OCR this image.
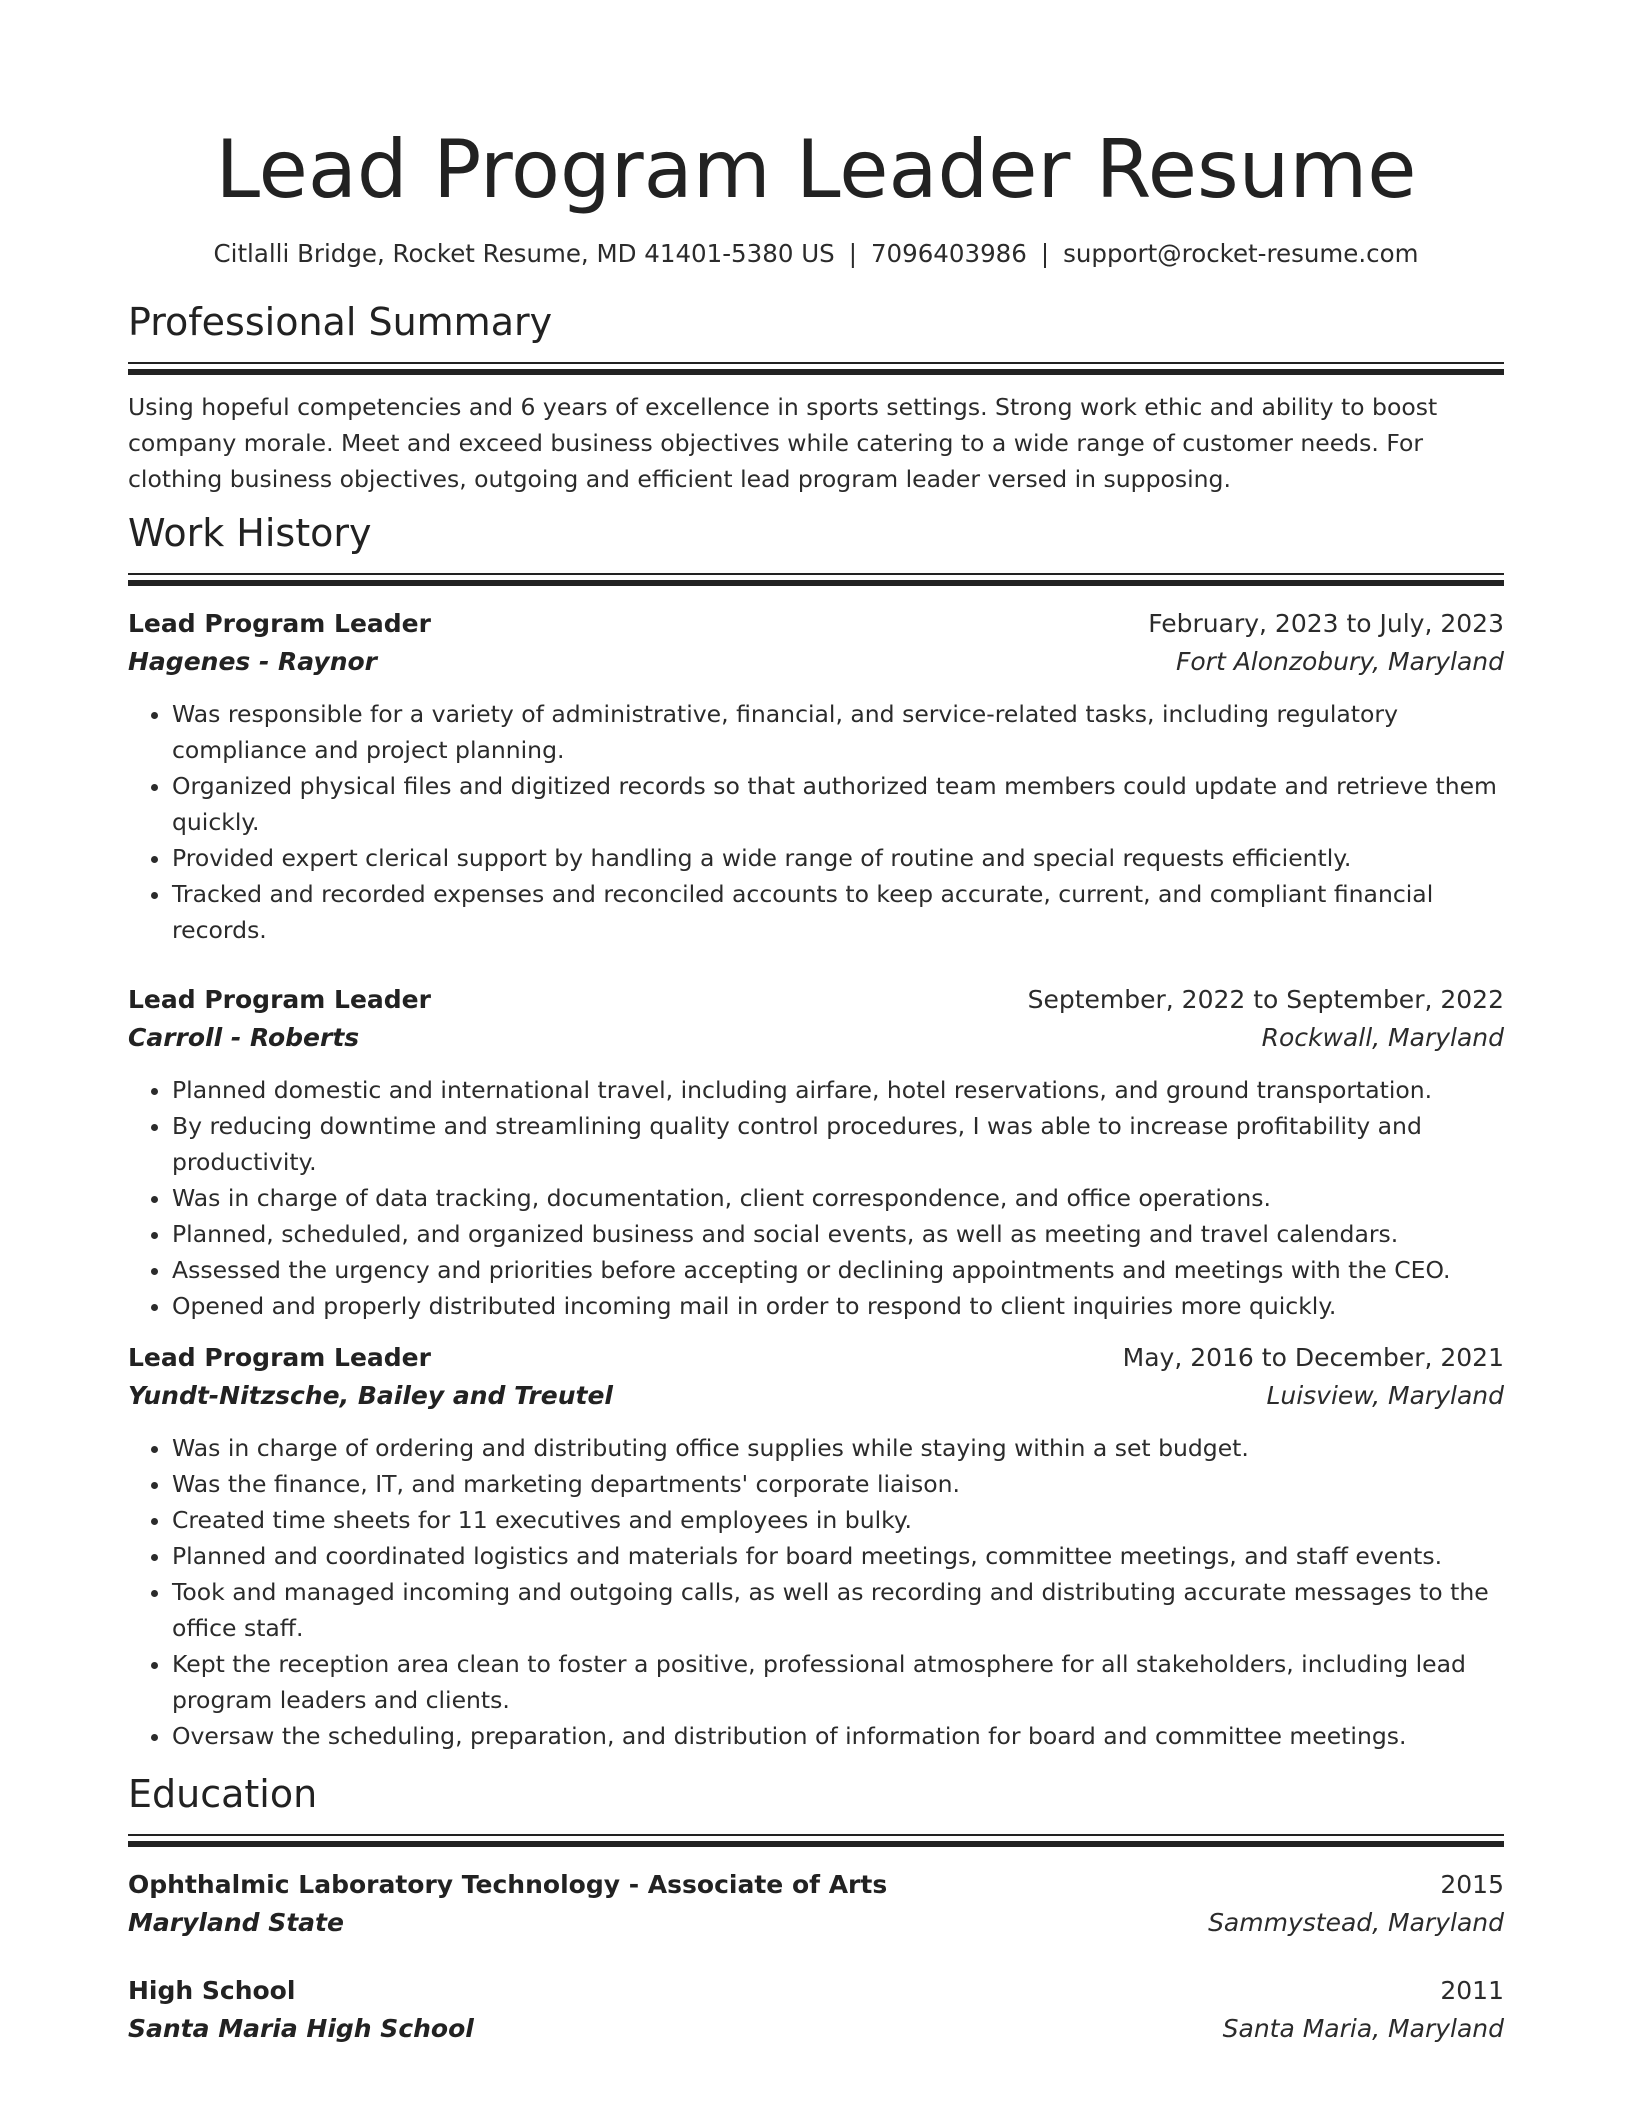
Lead Program Leader Resume
Citlalli Bridge, Rocket Resume, MD 41401-5380 US | 7096403986 | support@rocket-resume.com
Professional Summary

Using hopeful competencies and 6 years of excellence in sports settings. Strong work ethic and ability to boost company morale. Meet and exceed business objectives while catering to a wide range of customer needs. For clothing business objectives, outgoing and efficient lead program leader versed in supposing.

Work History
Lead Program Leader	February, 2023 to July, 2023
Hagenes - Raynor	Fort Alonzobury, Maryland
• Was responsible for a variety of administrative, financial, and service-related tasks, including regulatory compliance and project planning.
• Organized physical files and digitized records so that authorized team members could update and retrieve them quickly.
• Provided expert clerical support by handling a wide range of routine and special requests efficiently.
• Tracked and recorded expenses and reconciled accounts to keep accurate, current, and compliant financial records.
Lead Program Leader	September, 2022 to September, 2022
Carroll - Roberts	Rockwall, Maryland
• Planned domestic and international travel, including airfare, hotel reservations, and ground transportation.
• By reducing downtime and streamlining quality control procedures, I was able to increase profitability and productivity.
• Was in charge of data tracking, documentation, client correspondence, and office operations.
• Planned, scheduled, and organized business and social events, as well as meeting and travel calendars.
• Assessed the urgency and priorities before accepting or declining appointments and meetings with the CEO.
• Opened and properly distributed incoming mail in order to respond to client inquiries more quickly.
Lead Program Leader	May, 2016 to December, 2021
Yundt-Nitzsche, Bailey and Treutel	Luisview, Maryland
• Was in charge of ordering and distributing office supplies while staying within a set budget.
• Was the finance, IT, and marketing departments' corporate liaison.
• Created time sheets for 11 executives and employees in bulky.
• Planned and coordinated logistics and materials for board meetings, committee meetings, and staff events.
• Took and managed incoming and outgoing calls, as well as recording and distributing accurate messages to the office staff.
• Kept the reception area clean to foster a positive, professional atmosphere for all stakeholders, including lead program leaders and clients.
• Oversaw the scheduling, preparation, and distribution of information for board and committee meetings.
Education
Ophthalmic Laboratory Technology - Associate of Arts	2015
Maryland State	Sammystead, Maryland
High School	2011
Santa Maria High School	Santa Maria, Maryland
